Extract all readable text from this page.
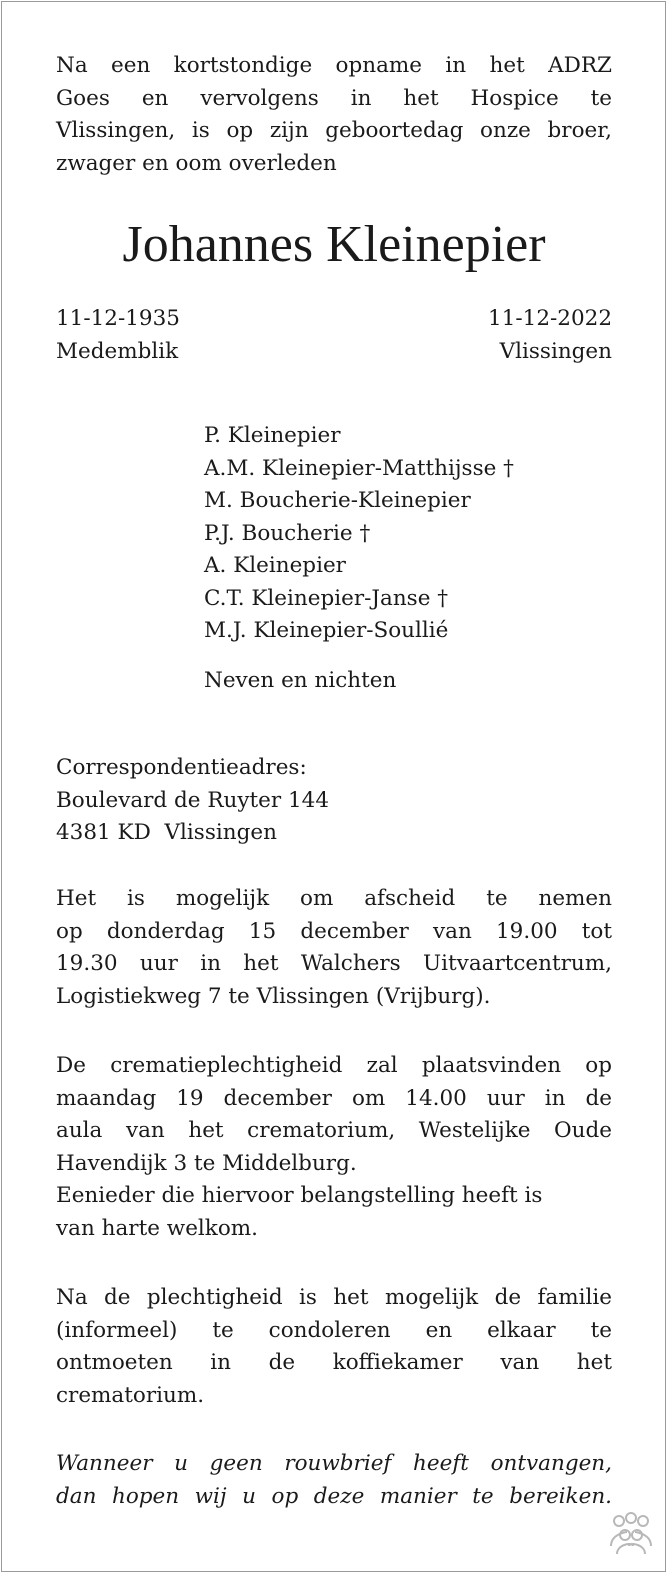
Na een kortstondige opname in het ADRZ
Goes en vervolgens in het Hospice te
Vlissingen, is op zijn geboortedag onze broer,
zwager en oom overleden
Johannes Kleinepier
11-12-1935
Medemblik
11-12-2022
Vlissingen
P. Kleinepier
A.M. Kleinepier-Matthijsse †
M. Boucherie-Kleinepier
P.J. Boucherie †
A. Kleinepier
C.T. Kleinepier-Janse †
M.J. Kleinepier-Soullié
Neven en nichten
Correspondentieadres:
Boulevard de Ruyter 144
4381 KD  Vlissingen
Het is mogelijk om afscheid te nemen
op donderdag 15 december van 19.00 tot
19.30 uur in het Walchers Uitvaartcentrum,
Logistiekweg 7 te Vlissingen (Vrijburg).
De crematieplechtigheid zal plaatsvinden op
maandag 19 december om 14.00 uur in de
aula van het crematorium, Westelijke Oude
Havendijk 3 te Middelburg.
Eenieder die hiervoor belangstelling heeft is
van harte welkom.
Na de plechtigheid is het mogelijk de familie
(informeel) te condoleren en elkaar te
ontmoeten in de koffiekamer van het
crematorium.
Wanneer u geen rouwbrief heeft ontvangen,
dan hopen wij u op deze manier te bereiken.
